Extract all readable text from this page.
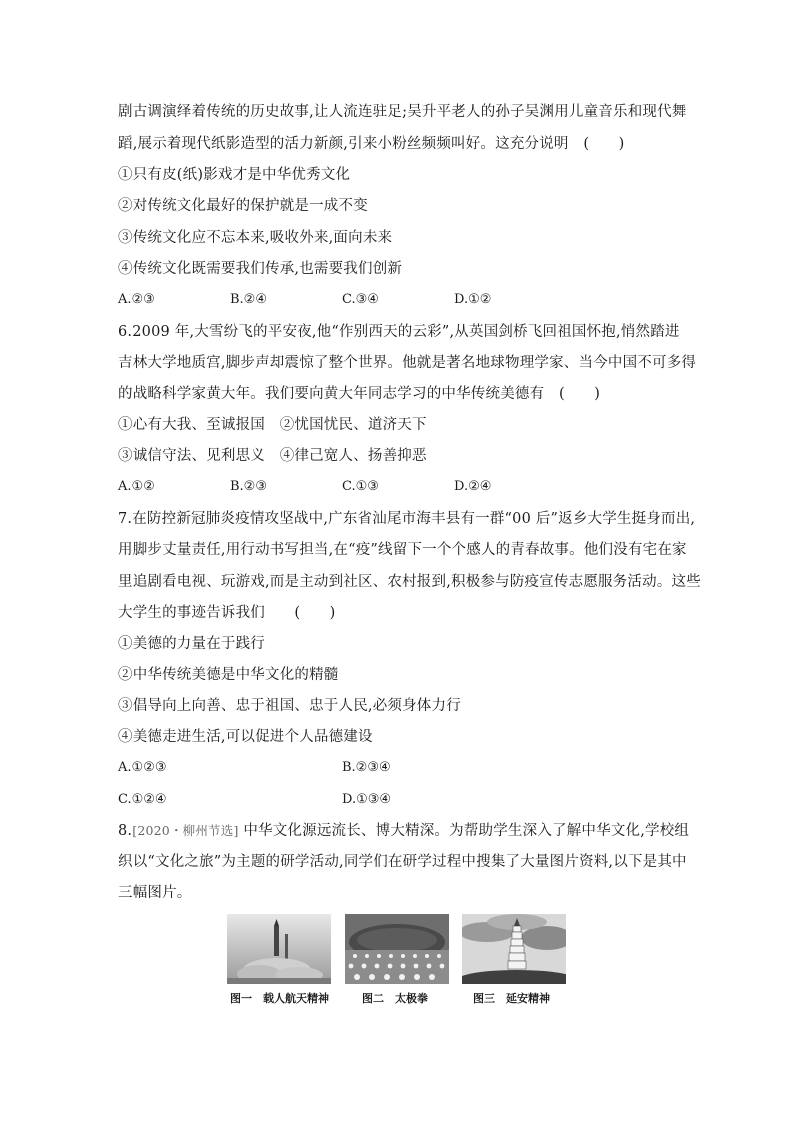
剧古调演绎着传统的历史故事,让人流连驻足;吴升平老人的孙子吴渊用儿童音乐和现代舞
蹈,展示着现代纸影造型的活力新颜,引来小粉丝频频叫好。这充分说明　(　　)
①只有皮(纸)影戏才是中华优秀文化
②对传统文化最好的保护就是一成不变
③传统文化应不忘本来,吸收外来,面向未来
④传统文化既需要我们传承,也需要我们创新
A.②③	B.②④	C.③④	D.①②
6.2009 年,大雪纷飞的平安夜,他“作别西天的云彩”,从英国剑桥飞回祖国怀抱,悄然踏进
吉林大学地质宫,脚步声却震惊了整个世界。他就是著名地球物理学家、当今中国不可多得
的战略科学家黄大年。我们要向黄大年同志学习的中华传统美德有　(　　)
①心有大我、至诚报国　②忧国忧民、道济天下
③诚信守法、见利思义　④律己宽人、扬善抑恶
A.①②	B.②③	C.①③	D.②④
7.在防控新冠肺炎疫情攻坚战中,广东省汕尾市海丰县有一群“00 后”返乡大学生挺身而出,
用脚步丈量责任,用行动书写担当,在“疫”线留下一个个感人的青春故事。他们没有宅在家
里追剧看电视、玩游戏,而是主动到社区、农村报到,积极参与防疫宣传志愿服务活动。这些
大学生的事迹告诉我们　　(　　)
①美德的力量在于践行
②中华传统美德是中华文化的精髓
③倡导向上向善、忠于祖国、忠于人民,必须身体力行
④美德走进生活,可以促进个人品德建设
A.①②③	B.②③④
C.①②④	D.①③④
8.[2020・柳州节选] 中华文化源远流长、博大精深。为帮助学生深入了解中华文化,学校组
织以“文化之旅”为主题的研学活动,同学们在研学过程中搜集了大量图片资料,以下是其中
三幅图片。
图一　载人航天精神	图二　太极拳	图三　延安精神
